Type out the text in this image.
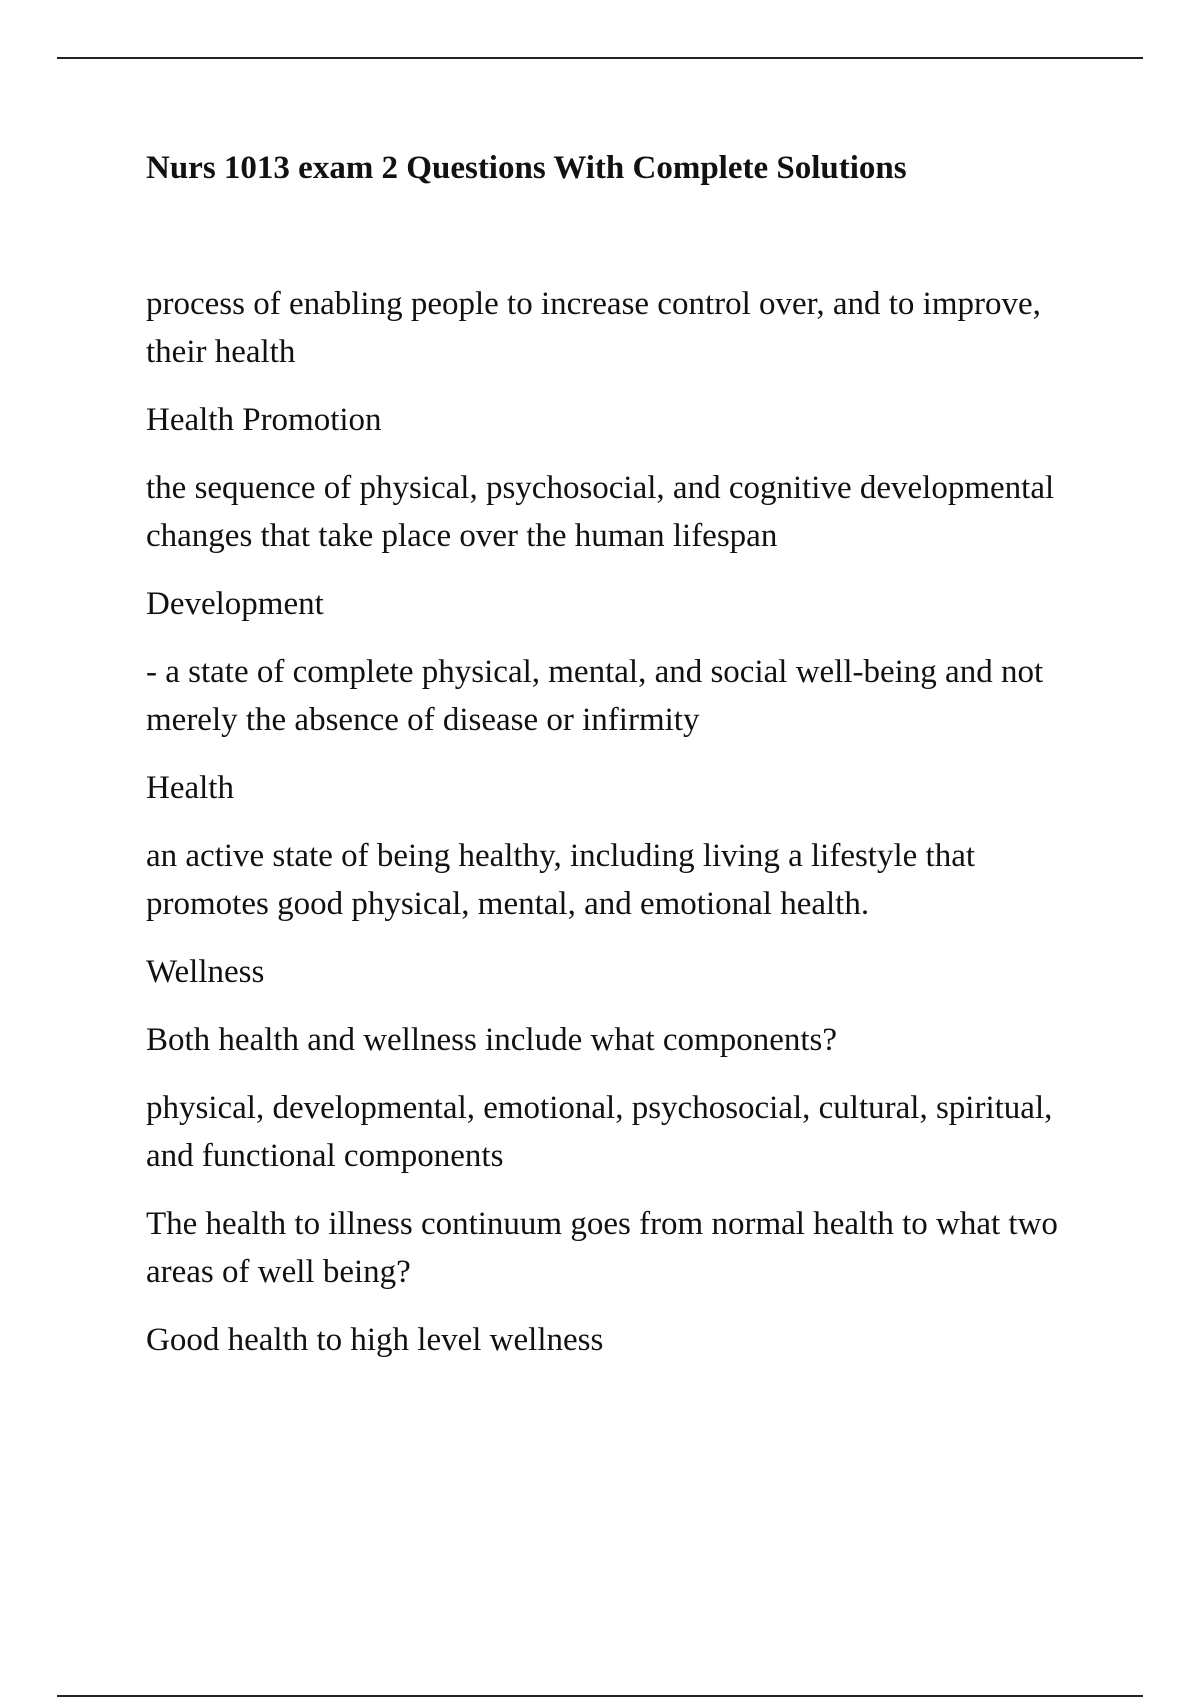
Nurs 1013 exam 2 Questions With Complete Solutions

process of enabling people to increase control over, and to improve, their health

Health Promotion

the sequence of physical, psychosocial, and cognitive developmental changes that take place over the human lifespan

Development

- a state of complete physical, mental, and social well-being and not merely the absence of disease or infirmity

Health

an active state of being healthy, including living a lifestyle that promotes good physical, mental, and emotional health.

Wellness

Both health and wellness include what components?

physical, developmental, emotional, psychosocial, cultural, spiritual, and functional components

The health to illness continuum goes from normal health to what two areas of well being?

Good health to high level wellness
